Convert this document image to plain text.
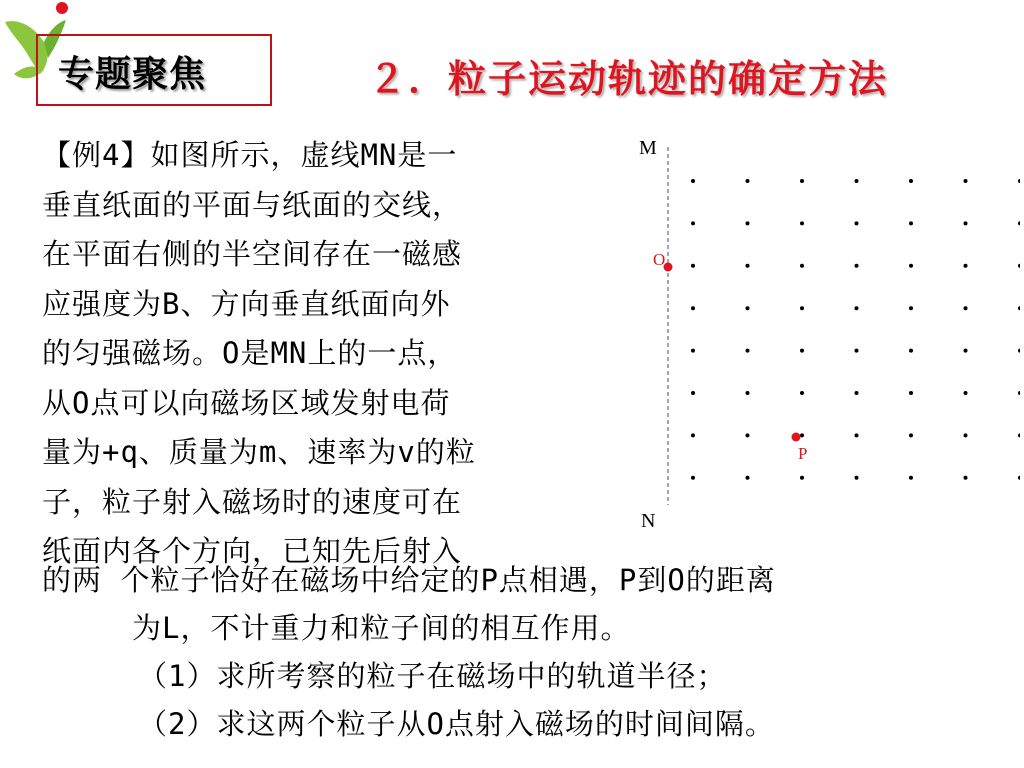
专题聚焦	２．粒子运动轨迹的确定方法
【例4】如图所示，虚线MN是一
垂直纸面的平面与纸面的交线，
在平面右侧的半空间存在一磁感
应强度为B、方向垂直纸面向外
的匀强磁场。O是MN上的一点，
从O点可以向磁场区域发射电荷
量为+q、质量为m、速率为v的粒
子，粒子射入磁场时的速度可在
纸面内各个方向，已知先后射入
的两 个粒子恰好在磁场中给定的P点相遇，P到O的距离
为L，不计重力和粒子间的相互作用。
（1）求所考察的粒子在磁场中的轨道半径；
（2）求这两个粒子从O点射入磁场的时间间隔。
M
N
O
P
